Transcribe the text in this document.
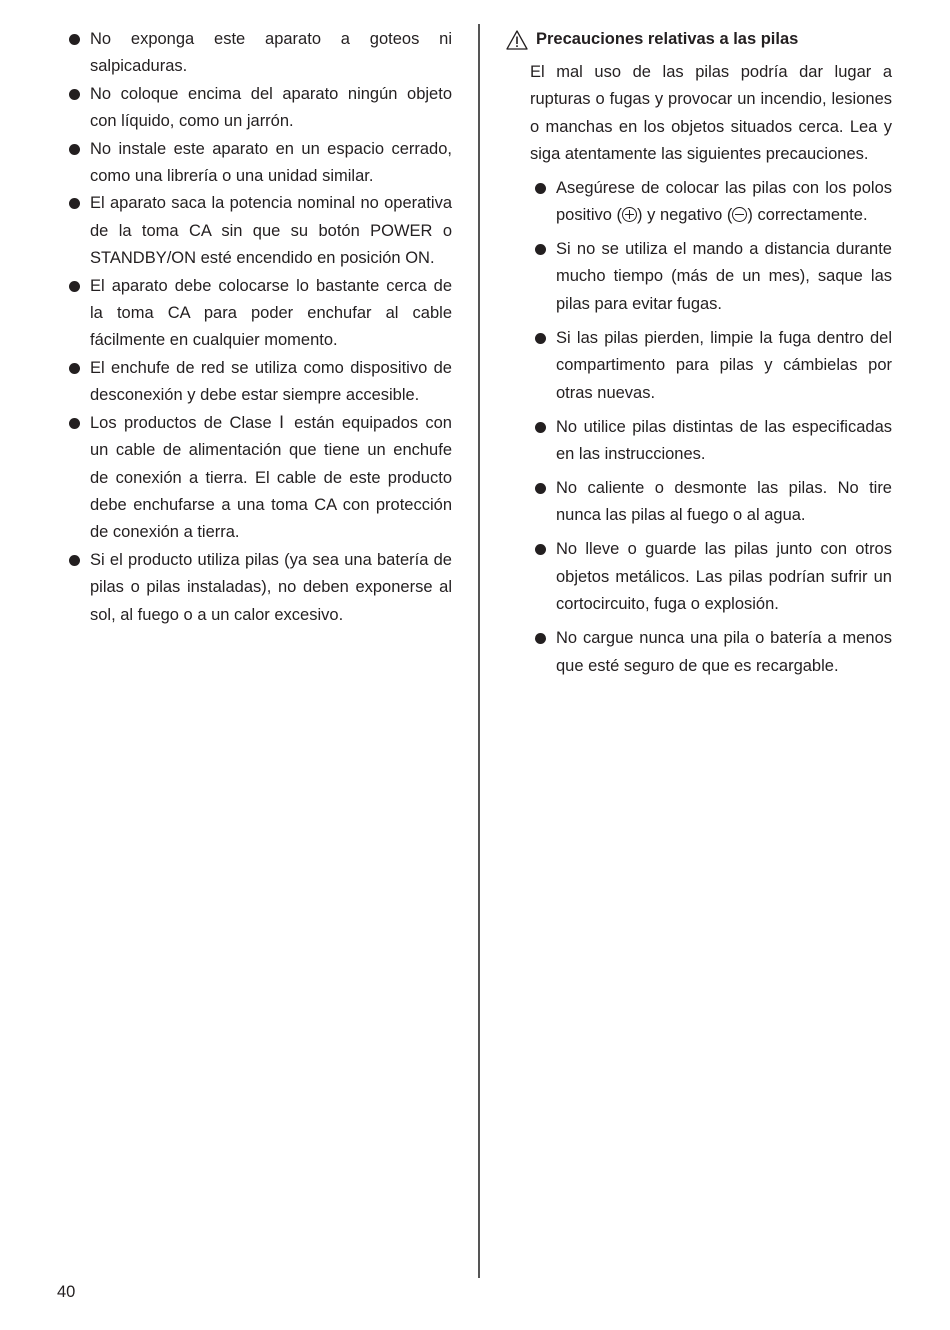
No exponga este aparato a goteos ni salpicaduras.
No coloque encima del aparato ningún objeto con líquido, como un jarrón.
No instale este aparato en un espacio cerrado, como una librería o una unidad similar.
El aparato saca la potencia nominal no operativa de la toma CA sin que su botón POWER o STANDBY/ON esté encendido en posición ON.
El aparato debe colocarse lo bastante cerca de la toma CA para poder enchufar al cable fácilmente en cualquier momento.
El enchufe de red se utiliza como dispositivo de desconexión y debe estar siempre accesible.
Los productos de Clase Ⅰ están equipados con un cable de alimentación que tiene un enchufe de conexión a tierra. El cable de este producto debe enchufarse a una toma CA con protección de conexión a tierra.
Si el producto utiliza pilas (ya sea una batería de pilas o pilas instaladas), no deben exponerse al sol, al fuego o a un calor excesivo.
Precauciones relativas a las pilas

El mal uso de las pilas podría dar lugar a rupturas o fugas y provocar un incendio, lesiones o manchas en los objetos situados cerca. Lea y siga atentamente las siguientes precauciones.

Asegúrese de colocar las pilas con los polos positivo ( ) y negativo ( ) correctamente.
Si no se utiliza el mando a distancia durante mucho tiempo (más de un mes), saque las pilas para evitar fugas.
Si las pilas pierden, limpie la fuga dentro del compartimento para pilas y cámbielas por otras nuevas.
No utilice pilas distintas de las especificadas en las instrucciones.
No caliente o desmonte las pilas. No tire nunca las pilas al fuego o al agua.
No lleve o guarde las pilas junto con otros objetos metálicos. Las pilas podrían sufrir un cortocircuito, fuga o explosión.
No cargue nunca una pila o batería a menos que esté seguro de que es recargable.
40
